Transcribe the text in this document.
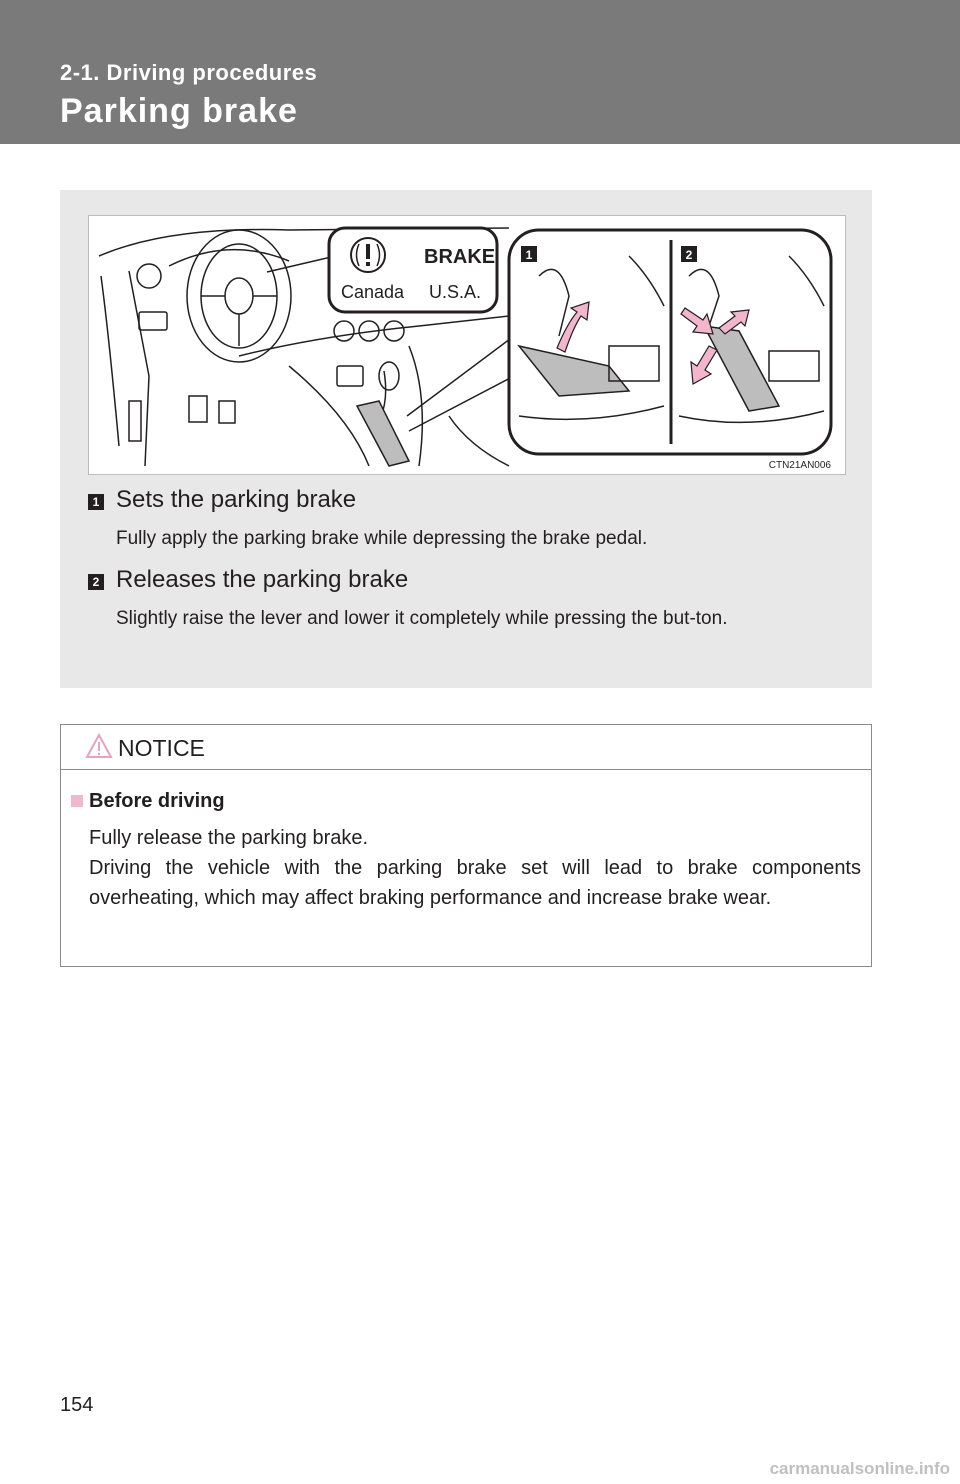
2-1. Driving procedures
Parking brake
BRAKE
Canada U.S.A.
1	2
CTN21AN006
1 Sets the parking brake
Fully apply the parking brake while depressing the brake pedal.
2 Releases the parking brake
Slightly raise the lever and lower it completely while pressing the but-ton.
NOTICE
Before driving

Fully release the parking brake.

Driving the vehicle with the parking brake set will lead to brake components overheating, which may affect braking performance and increase brake wear.

154
carmanualsonline.info
